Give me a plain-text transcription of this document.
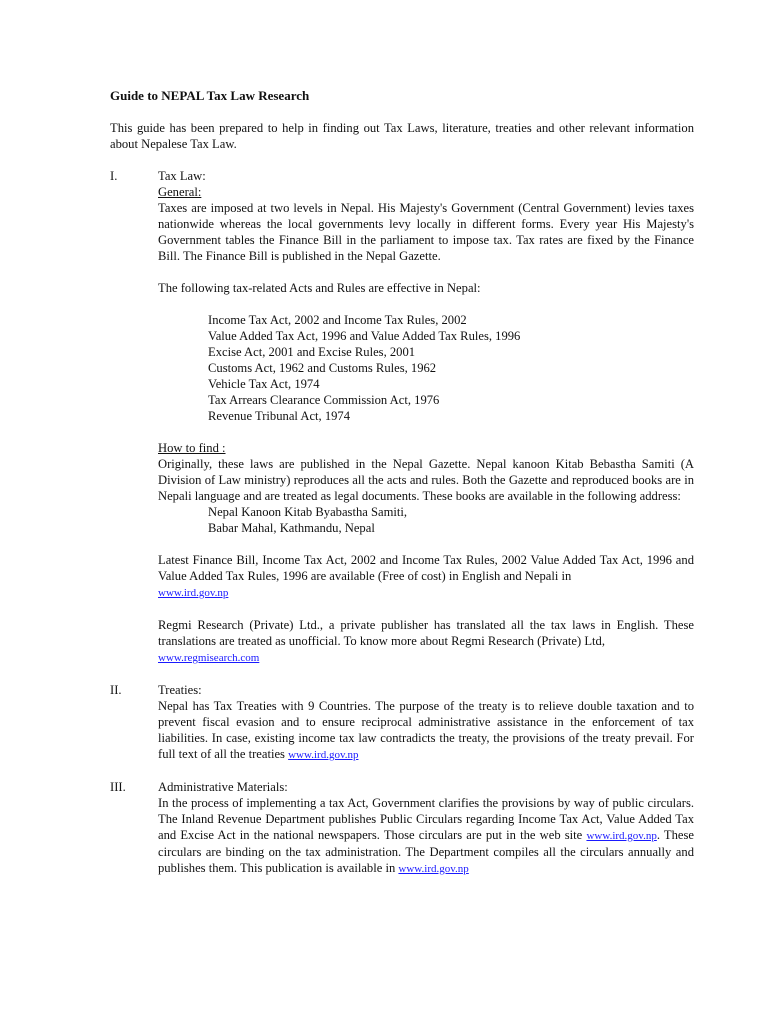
Guide to NEPAL Tax Law Research

This guide has been prepared to help in finding out Tax Laws, literature, treaties and other relevant information about Nepalese Tax Law.

I.	Tax Law:

General:

Taxes are imposed at two levels in Nepal. His Majesty's Government (Central Government) levies taxes nationwide whereas the local governments levy locally in different forms. Every year His Majesty's Government tables the Finance Bill in the parliament to impose tax. Tax rates are fixed by the Finance Bill. The Finance Bill is published in the Nepal Gazette.

The following tax-related Acts and Rules are effective in Nepal:

Income Tax Act, 2002 and Income Tax Rules, 2002

Value Added Tax Act, 1996 and Value Added Tax Rules, 1996

Excise Act, 2001 and Excise Rules, 2001

Customs Act, 1962 and Customs Rules, 1962

Vehicle Tax Act, 1974

Tax Arrears Clearance Commission Act, 1976

Revenue Tribunal Act, 1974

How to find :

Originally, these laws are published in the Nepal Gazette. Nepal kanoon Kitab Bebastha Samiti (A Division of Law ministry) reproduces all the acts and rules. Both the Gazette and reproduced books are in Nepali language and are treated as legal documents. These books are available in the following address:

Nepal Kanoon Kitab Byabastha Samiti,

Babar Mahal, Kathmandu, Nepal

Latest Finance Bill, Income Tax Act, 2002 and Income Tax Rules, 2002 Value Added Tax Act, 1996 and Value Added Tax Rules, 1996 are available (Free of cost) in English and Nepali in
www.ird.gov.np

Regmi Research (Private) Ltd., a private publisher has translated all the tax laws in English. These translations are treated as unofficial. To know more about Regmi Research (Private) Ltd,
www.regmisearch.com

II.	Treaties:

Nepal has Tax Treaties with 9 Countries. The purpose of the treaty is to relieve double taxation and to prevent fiscal evasion and to ensure reciprocal administrative assistance in the enforcement of tax liabilities. In case, existing income tax law contradicts the treaty, the provisions of the treaty prevail. For full text of all the treaties www.ird.gov.np

III.	Administrative Materials:

In the process of implementing a tax Act, Government clarifies the provisions by way of public circulars. The Inland Revenue Department publishes Public Circulars regarding Income Tax Act, Value Added Tax and Excise Act in the national newspapers. Those circulars are put in the web site www.ird.gov.np. These circulars are binding on the tax administration. The Department compiles all the circulars annually and publishes them. This publication is available in www.ird.gov.np
